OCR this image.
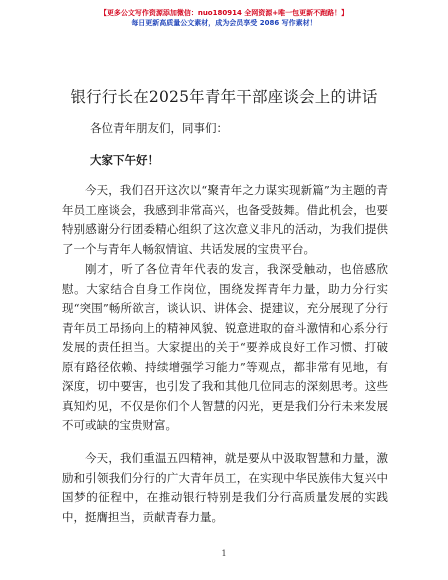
【更多公文写作资源添加微信：nuo180914 全网资源+唯一包更新不跑路！】
每日更新高质量公文素材，成为会员享受 2086 写作素材！
银行行长在2025年青年干部座谈会上的讲话
各位青年朋友们，同事们：
大家下午好！

今天，我们召开这次以“聚青年之力谋实现新篇”为主题的青年员工座谈会，我感到非常高兴，也备受鼓舞。借此机会，也要特别感谢分行团委精心组织了这次意义非凡的活动，为我们提供了一个与青年人畅叙情谊、共话发展的宝贵平台。

刚才，听了各位青年代表的发言，我深受触动，也倍感欣慰。大家结合自身工作岗位，围绕发挥青年力量，助力分行实现“突围”畅所欲言，谈认识、讲体会、提建议，充分展现了分行青年员工昂扬向上的精神风貌、锐意进取的奋斗激情和心系分行发展的责任担当。大家提出的关于“要养成良好工作习惯、打破原有路径依赖、持续增强学习能力”等观点，都非常有见地，有深度，切中要害，也引发了我和其他几位同志的深刻思考。这些真知灼见，不仅是你们个人智慧的闪光，更是我们分行未来发展不可或缺的宝贵财富。

今天，我们重温五四精神，就是要从中汲取智慧和力量，激励和引领我们分行的广大青年员工，在实现中华民族伟大复兴中国梦的征程中，在推动银行特别是我们分行高质量发展的实践中，挺膺担当，贡献青春力量。

1
